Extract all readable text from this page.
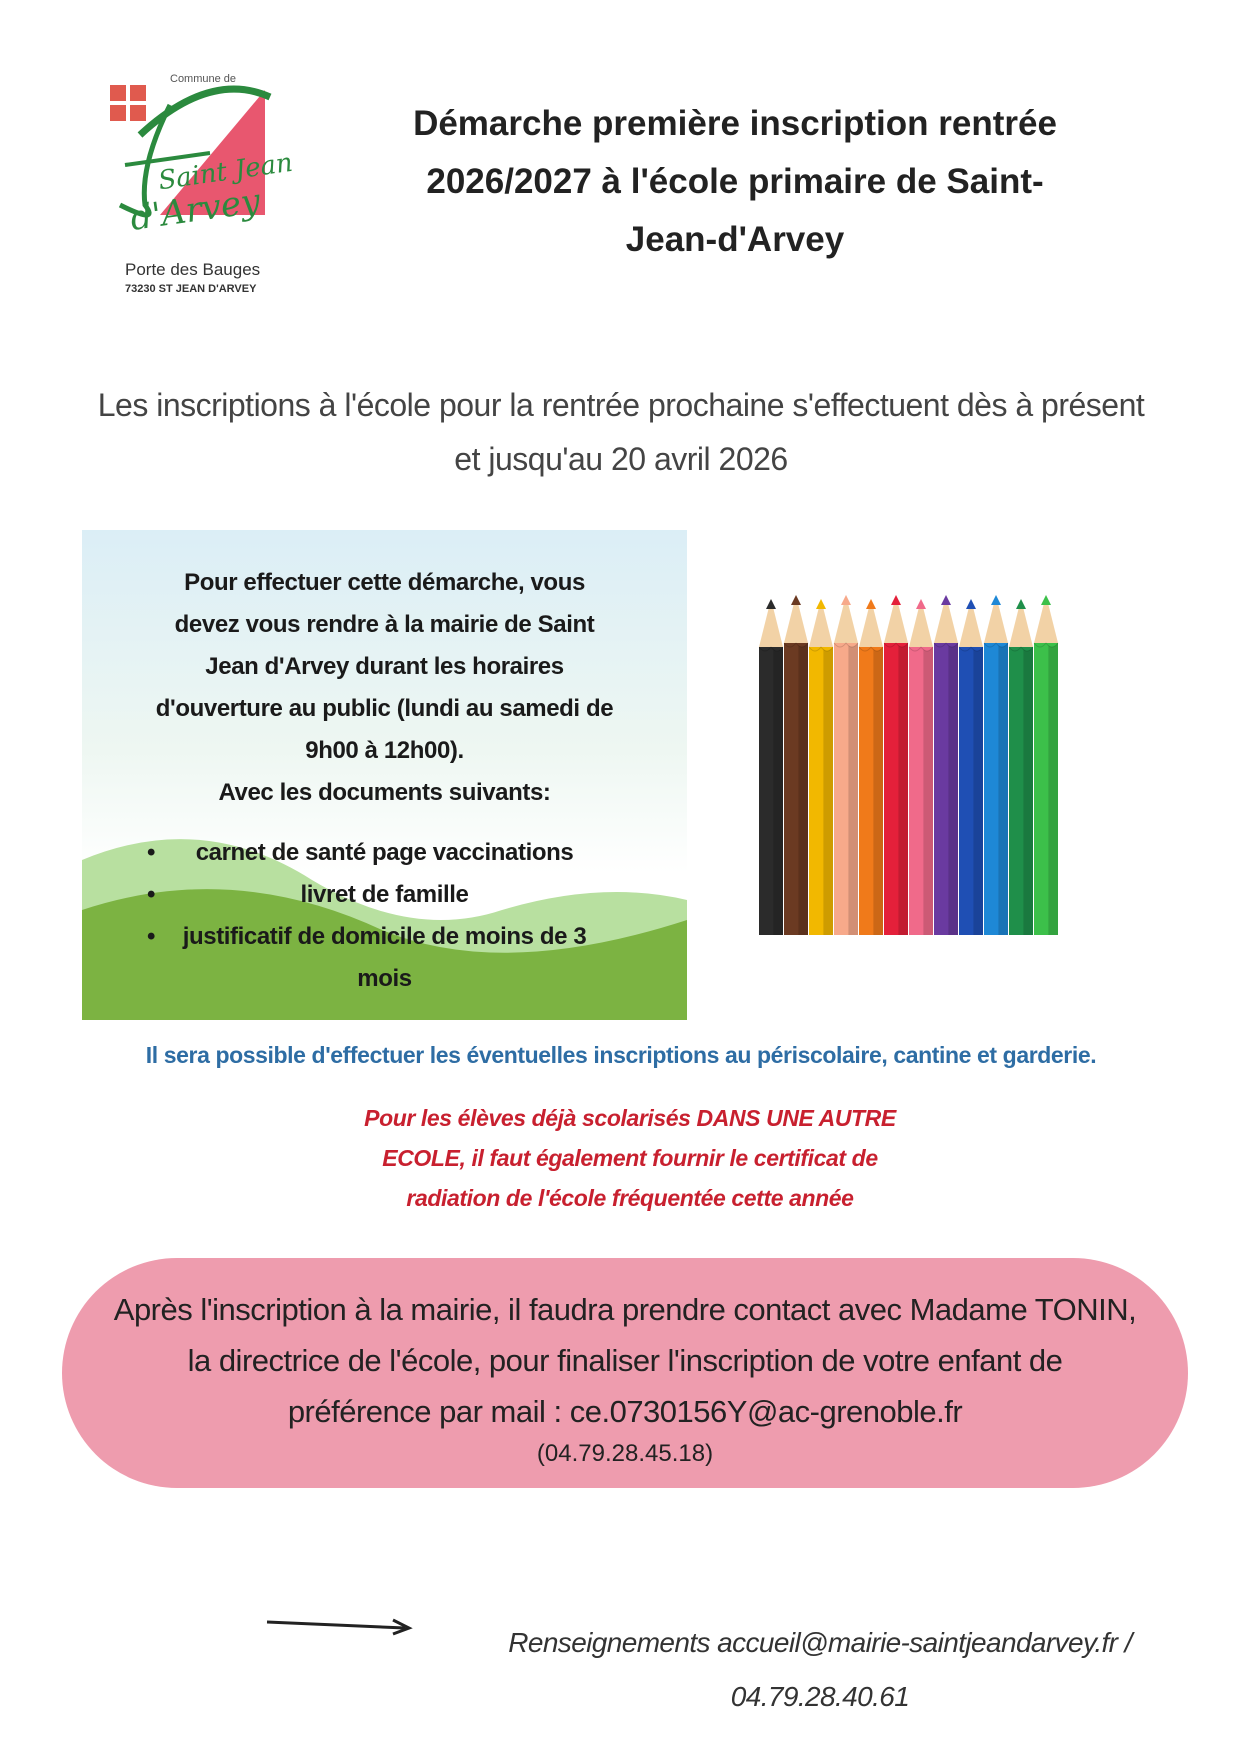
Commune de
Saint Jean
d'Arvey
Porte des Bauges
73230 ST JEAN D'ARVEY
Démarche première inscription rentrée
2026/2027 à l'école primaire de Saint-
Jean-d'Arvey
Les inscriptions à l'école pour la rentrée prochaine s'effectuent dès à présent
et jusqu'au 20 avril 2026
Pour effectuer cette démarche, vous
devez vous rendre à la mairie de Saint
Jean d'Arvey durant les horaires
d'ouverture au public (lundi au samedi de
9h00 à 12h00).
Avec les documents suivants:
• carnet de santé page vaccinations
• livret de famille
• justificatif de domicile de moins de 3
mois
Il sera possible d'effectuer les éventuelles inscriptions au périscolaire, cantine et garderie.
Pour les élèves déjà scolarisés DANS UNE AUTRE
ECOLE, il faut également fournir le certificat de
radiation de l'école fréquentée cette année
Après l'inscription à la mairie, il faudra prendre contact avec Madame TONIN,
la directrice de l'école, pour finaliser l'inscription de votre enfant de
préférence par mail : ce.0730156Y@ac-grenoble.fr
(04.79.28.45.18)
Renseignements accueil@mairie-saintjeandarvey.fr /
04.79.28.40.61
